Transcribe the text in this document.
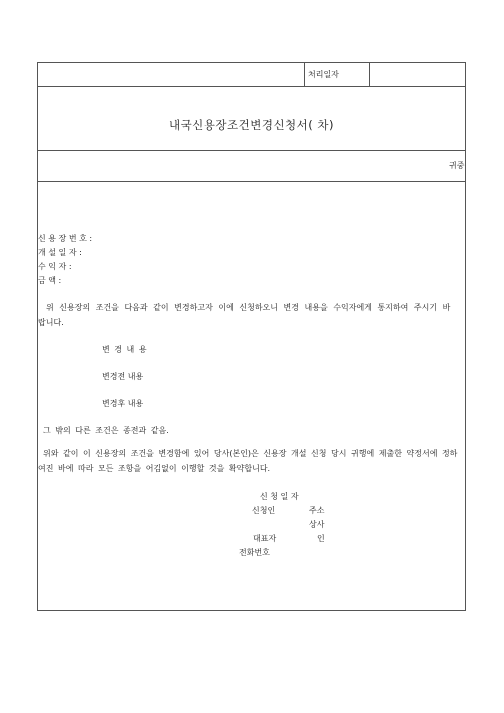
처리일자
내국신용장조건변경신청서( 차)
귀중
신 용 장 번 호 :
개 설 일 자 :
수 익 자 :
금 액 :
위 신용장의 조건을 다음과 같이 변경하고자 이에 신청하오니 변경 내용을 수익자에게 통지하여 주시기 바랍니다.
변 경 내 용
변경전 내용
변경후 내용
그 밖의 다른 조건은 종전과 같음.
위와 같이 이 신용장의 조건을 변경함에 있어 당사(본인)은 신용장 개설 신청 당시 귀행에 제출한 약정서에 정하여진 바에 따라 모든 조항을 어김없이 이행할 것을 확약합니다.
신 청 일 자
신청인	주소
상사
대표자	인
전화번호
